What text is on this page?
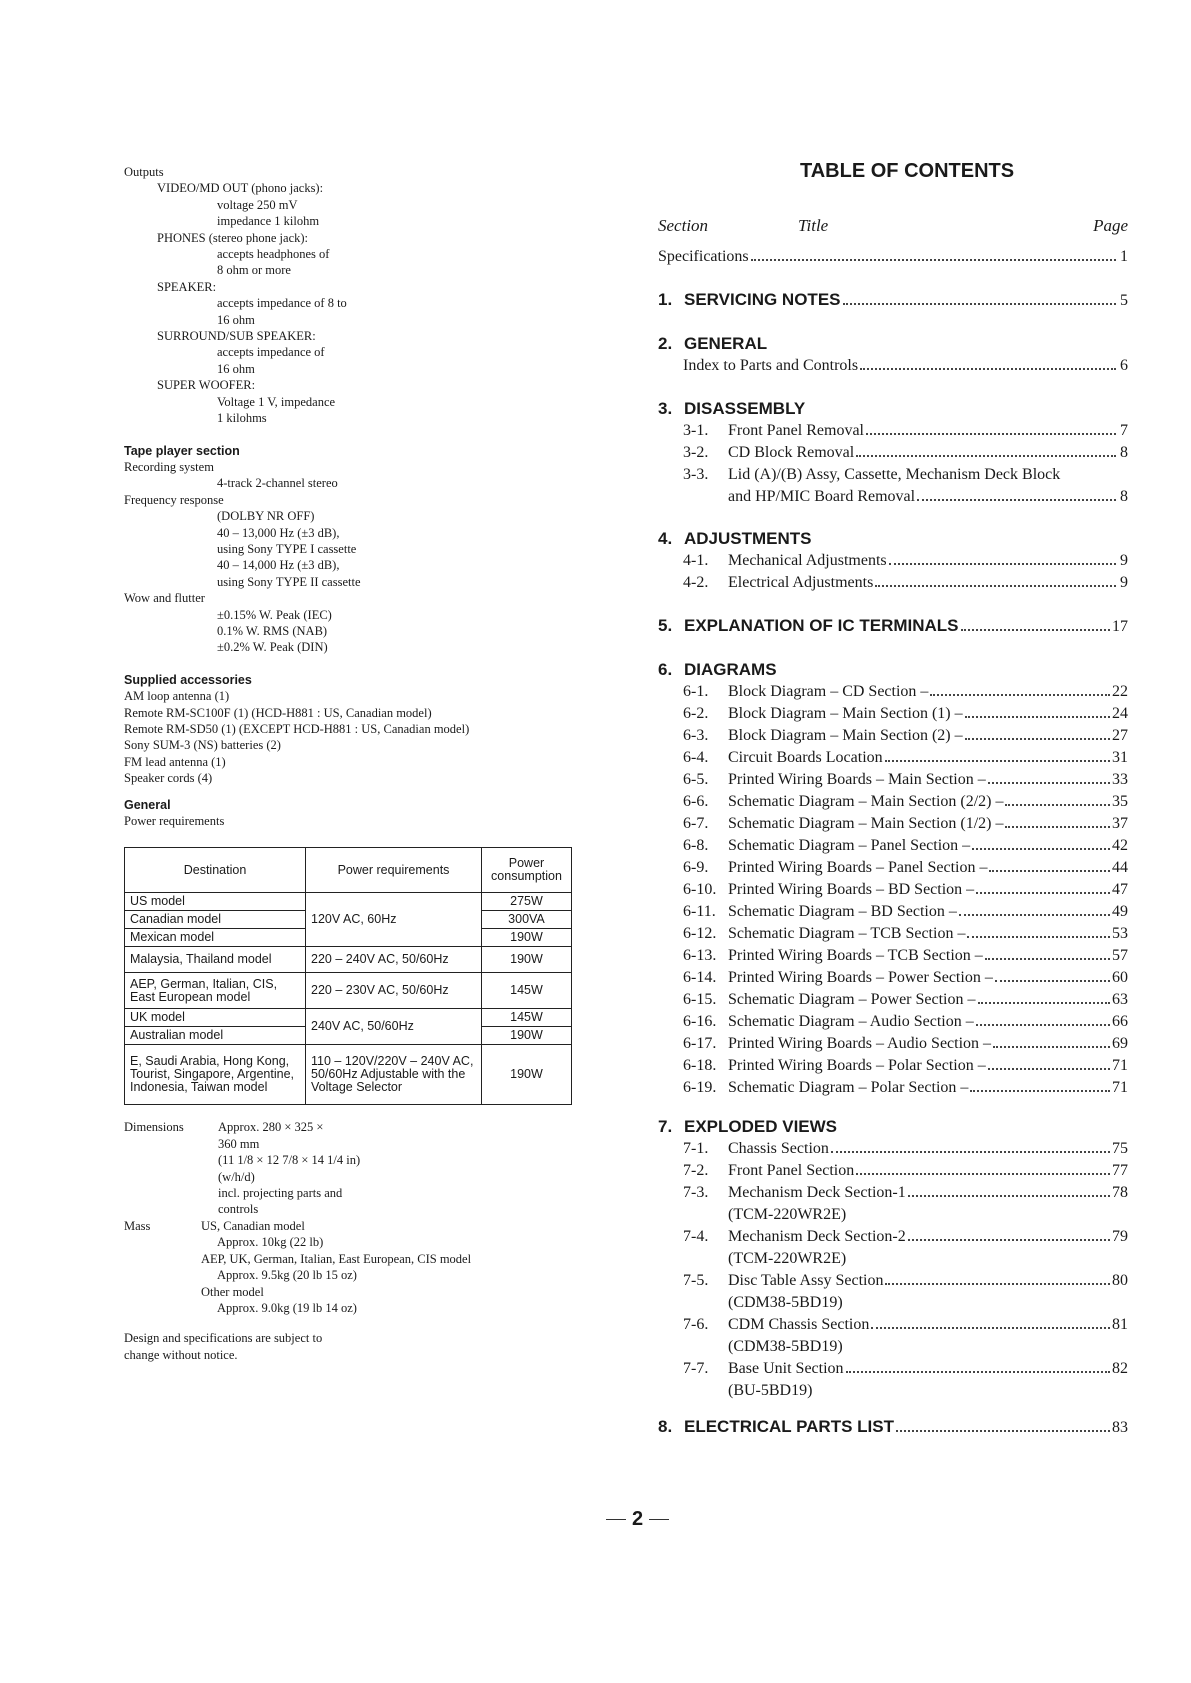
Outputs
VIDEO/MD OUT (phono jacks):
voltage 250 mV
impedance 1 kilohm
PHONES (stereo phone jack):
accepts headphones of
8 ohm or more
SPEAKER:
accepts impedance of 8 to
16 ohm
SURROUND/SUB SPEAKER:
accepts impedance of
16 ohm
SUPER WOOFER:
Voltage 1 V, impedance
1 kilohms
Tape player section
Recording system
4-track 2-channel stereo
Frequency response
(DOLBY NR OFF)
40 – 13,000 Hz (±3 dB),
using Sony TYPE I cassette
40 – 14,000 Hz (±3 dB),
using Sony TYPE II cassette
Wow and flutter
±0.15% W. Peak (IEC)
0.1% W. RMS (NAB)
±0.2% W. Peak (DIN)
Supplied accessories
AM loop antenna (1)
Remote RM-SC100F (1) (HCD-H881 : US, Canadian model)
Remote RM-SD50 (1) (EXCEPT HCD-H881 : US, Canadian model)
Sony SUM-3 (NS) batteries (2)
FM lead antenna (1)
Speaker cords (4)
General
Power requirements
Destination	Power requirements	Power consumption
US model	120V AC, 60Hz	275W
Canadian model		300VA
Mexican model		190W
Malaysia, Thailand model	220 – 240V AC, 50/60Hz	190W
AEP, German, Italian, CIS, East European model	220 – 230V AC, 50/60Hz	145W
UK model	240V AC, 50/60Hz	145W
Australian model		190W
E, Saudi Arabia, Hong Kong, Tourist, Singapore, Argentine, Indonesia, Taiwan model	110 – 120V/220V – 240V AC, 50/60Hz Adjustable with the Voltage Selector	190W
Dimensions	Approx. 280 × 325 ×
360 mm
(11 1/8 × 12 7/8 × 14 1/4 in)
(w/h/d)
incl. projecting parts and
controls
Mass	US, Canadian model
Approx. 10kg (22 lb)
AEP, UK, German, Italian, East European, CIS model
Approx. 9.5kg (20 lb 15 oz)
Other model
Approx. 9.0kg (19 lb 14 oz)
Design and specifications are subject to
change without notice.
TABLE OF CONTENTS
Section	Title	Page
Specifications	1
1. SERVICING NOTES	5
2. GENERAL
Index to Parts and Controls	6
3. DISASSEMBLY
3-1.	Front Panel Removal	7
3-2.	CD Block Removal	8
3-3.	Lid (A)/(B) Assy, Cassette, Mechanism Deck Block
and HP/MIC Board Removal	8
4. ADJUSTMENTS
4-1.	Mechanical Adjustments	9
4-2.	Electrical Adjustments	9
5. EXPLANATION OF IC TERMINALS	17
6. DIAGRAMS
6-1.	Block Diagram – CD Section –	22
6-2.	Block Diagram – Main Section (1) –	24
6-3.	Block Diagram – Main Section (2) –	27
6-4.	Circuit Boards Location	31
6-5.	Printed Wiring Boards – Main Section –	33
6-6.	Schematic Diagram – Main Section (2/2) –	35
6-7.	Schematic Diagram – Main Section (1/2) –	37
6-8.	Schematic Diagram – Panel Section –	42
6-9.	Printed Wiring Boards – Panel Section –	44
6-10. Printed Wiring Boards – BD Section –	47
6-11. Schematic Diagram – BD Section –	49
6-12. Schematic Diagram – TCB Section –	53
6-13. Printed Wiring Boards – TCB Section –	57
6-14. Printed Wiring Boards – Power Section –	60
6-15. Schematic Diagram – Power Section –	63
6-16. Schematic Diagram – Audio Section –	66
6-17. Printed Wiring Boards – Audio Section –	69
6-18. Printed Wiring Boards – Polar Section –	71
6-19. Schematic Diagram – Polar Section –	71
7. EXPLODED VIEWS
7-1.	Chassis Section	75
7-2.	Front Panel Section	77
7-3.	Mechanism Deck Section-1	78
(TCM-220WR2E)
7-4.	Mechanism Deck Section-2	79
(TCM-220WR2E)
7-5.	Disc Table Assy Section	80
(CDM38-5BD19)
7-6.	CDM Chassis Section	81
(CDM38-5BD19)
7-7.	Base Unit Section	82
(BU-5BD19)
8. ELECTRICAL PARTS LIST	83
2
